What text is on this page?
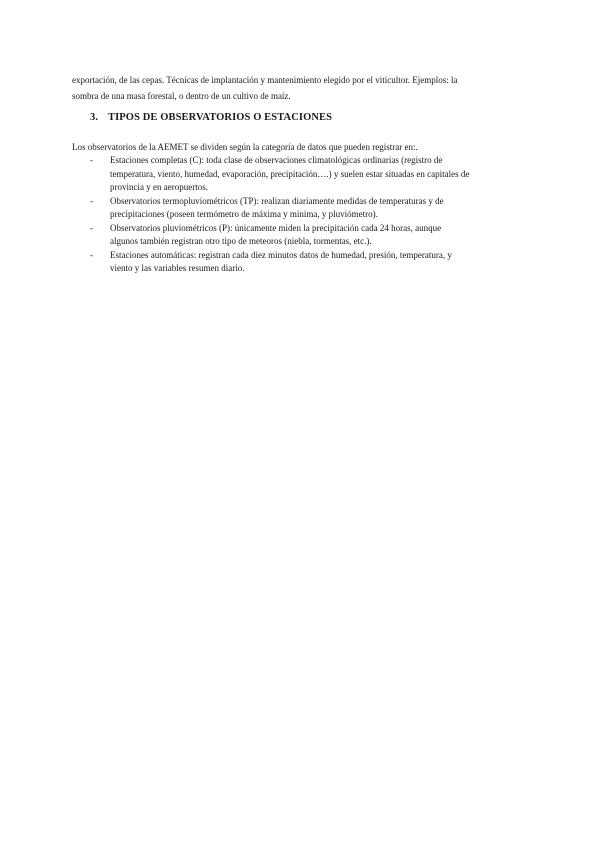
exportación, de las cepas. Técnicas de implantación y mantenimiento elegido por el viticultor. Ejemplos: la
sombra de una masa forestal, o dentro de un cultivo de maíz.

3. TIPOS DE OBSERVATORIOS O ESTACIONES

Los observatorios de la AEMET se dividen según la categoría de datos que pueden registrar en:.

- Estaciones completas (C): toda clase de observaciones climatológicas ordinarias (registro de
temperatura, viento, humedad, evaporación, precipitación….) y suelen estar situadas en capitales de
provincia y en aeropuertos.
- Observatorios termopluviométricos (TP): realizan diariamente medidas de temperaturas y de
precipitaciones (poseen termómetro de máxima y mínima, y pluviómetro).
- Observatorios pluviométricos (P): únicamente miden la precipitación cada 24 horas, aunque
algunos también registran otro tipo de meteoros (niebla, tormentas, etc.).
- Estaciones automáticas: registran cada diez minutos datos de humedad, presión, temperatura, y
viento y las variables resumen diario.
